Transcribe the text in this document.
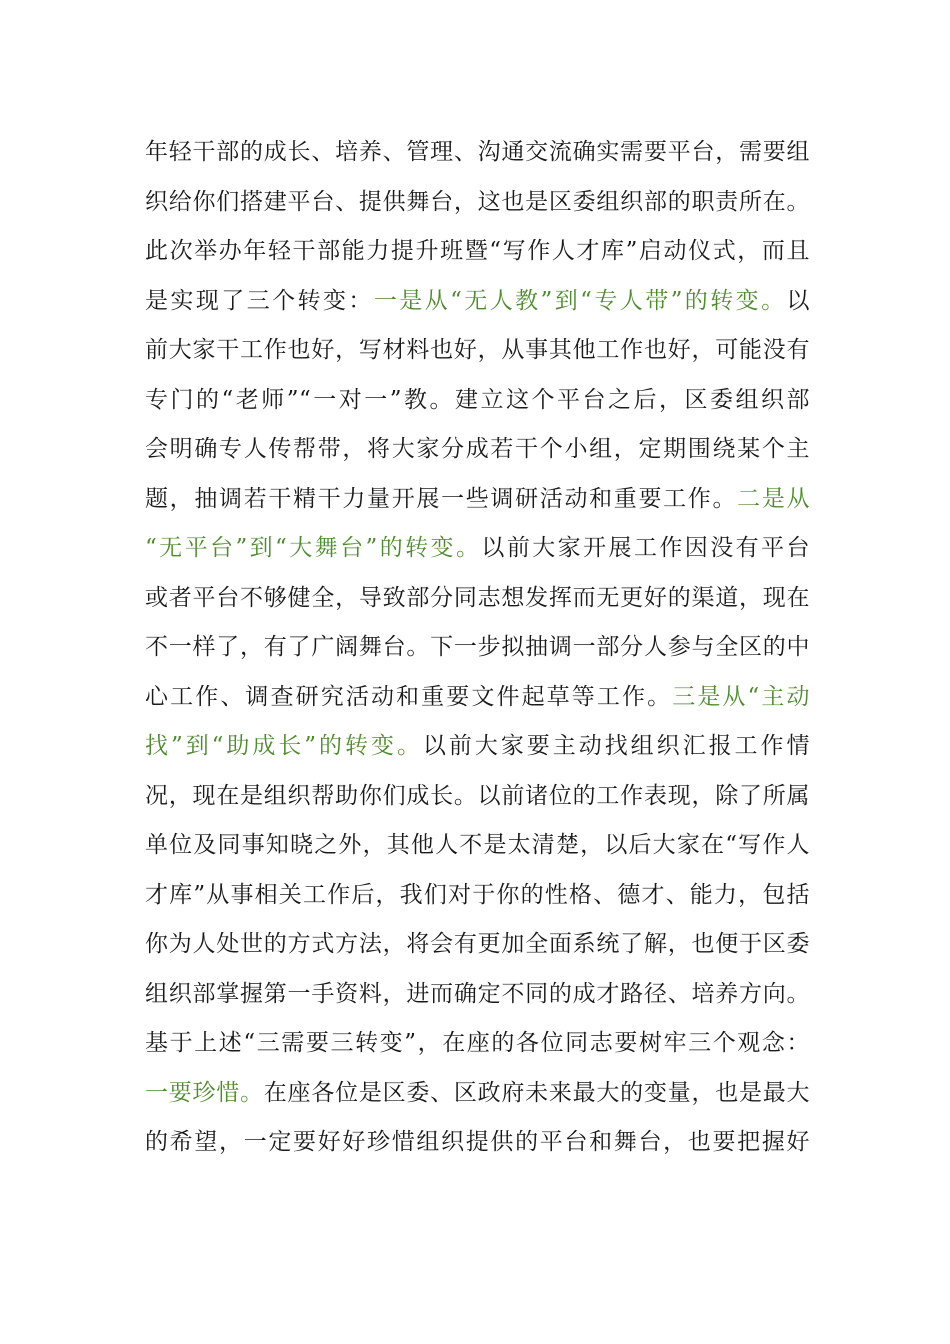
年轻干部的成长、培养、管理、沟通交流确实需要平台，需要组
织给你们搭建平台、提供舞台，这也是区委组织部的职责所在。
此次举办年轻干部能力提升班暨“写作人才库”启动仪式，而且
是实现了三个转变：一是从“无人教”到“专人带”的转变。以
前大家干工作也好，写材料也好，从事其他工作也好，可能没有
专门的“老师”“一对一”教。建立这个平台之后，区委组织部
会明确专人传帮带，将大家分成若干个小组，定期围绕某个主
题，抽调若干精干力量开展一些调研活动和重要工作。二是从
“无平台”到“大舞台”的转变。以前大家开展工作因没有平台
或者平台不够健全，导致部分同志想发挥而无更好的渠道，现在
不一样了，有了广阔舞台。下一步拟抽调一部分人参与全区的中
心工作、调查研究活动和重要文件起草等工作。三是从“主动
找”到“助成长”的转变。以前大家要主动找组织汇报工作情
况，现在是组织帮助你们成长。以前诸位的工作表现，除了所属
单位及同事知晓之外，其他人不是太清楚，以后大家在“写作人
才库”从事相关工作后，我们对于你的性格、德才、能力，包括
你为人处世的方式方法，将会有更加全面系统了解，也便于区委
组织部掌握第一手资料，进而确定不同的成才路径、培养方向。
基于上述“三需要三转变”，在座的各位同志要树牢三个观念：
一要珍惜。在座各位是区委、区政府未来最大的变量，也是最大
的希望，一定要好好珍惜组织提供的平台和舞台，也要把握好
